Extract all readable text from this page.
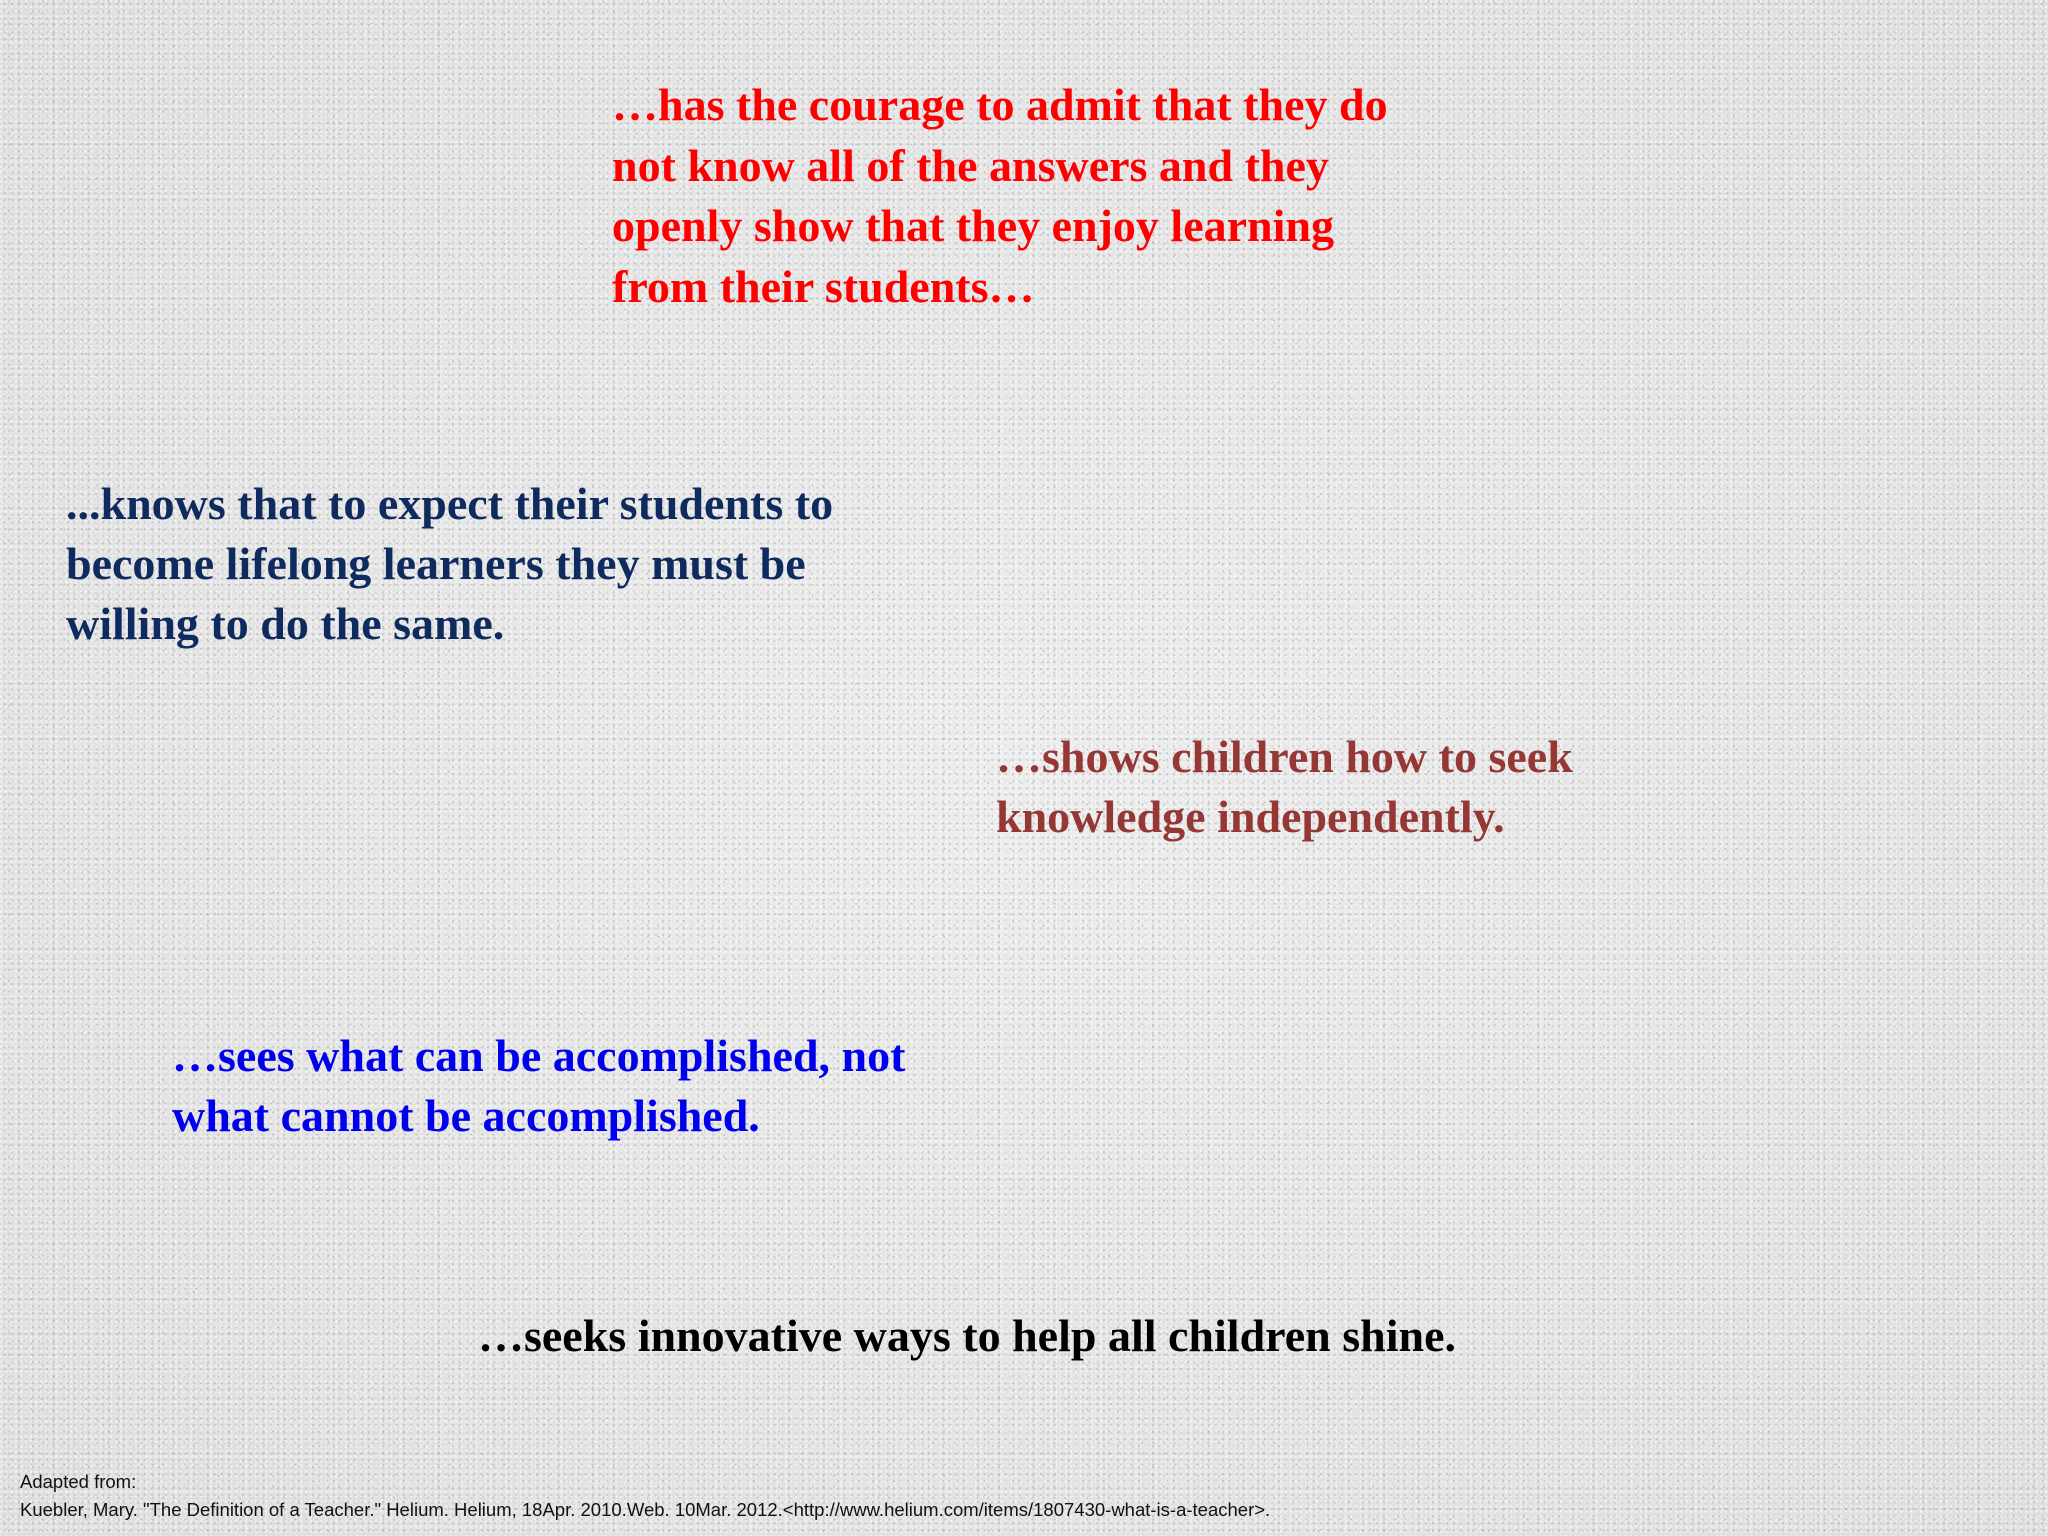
…has the courage to admit that they do
not know all of the answers and they
openly show that they enjoy learning
from their students…

...knows that to expect their students to
become lifelong learners they must be
willing to do the same.

…shows children how to seek
knowledge independently.

…sees what can be accomplished, not
what cannot be accomplished.

…seeks innovative ways to help all children shine.

Adapted from:
Kuebler, Mary. "The Definition of a Teacher." Helium. Helium, 18Apr. 2010.Web. 10Mar. 2012.<http://www.helium.com/items/1807430-what-is-a-teacher>.
